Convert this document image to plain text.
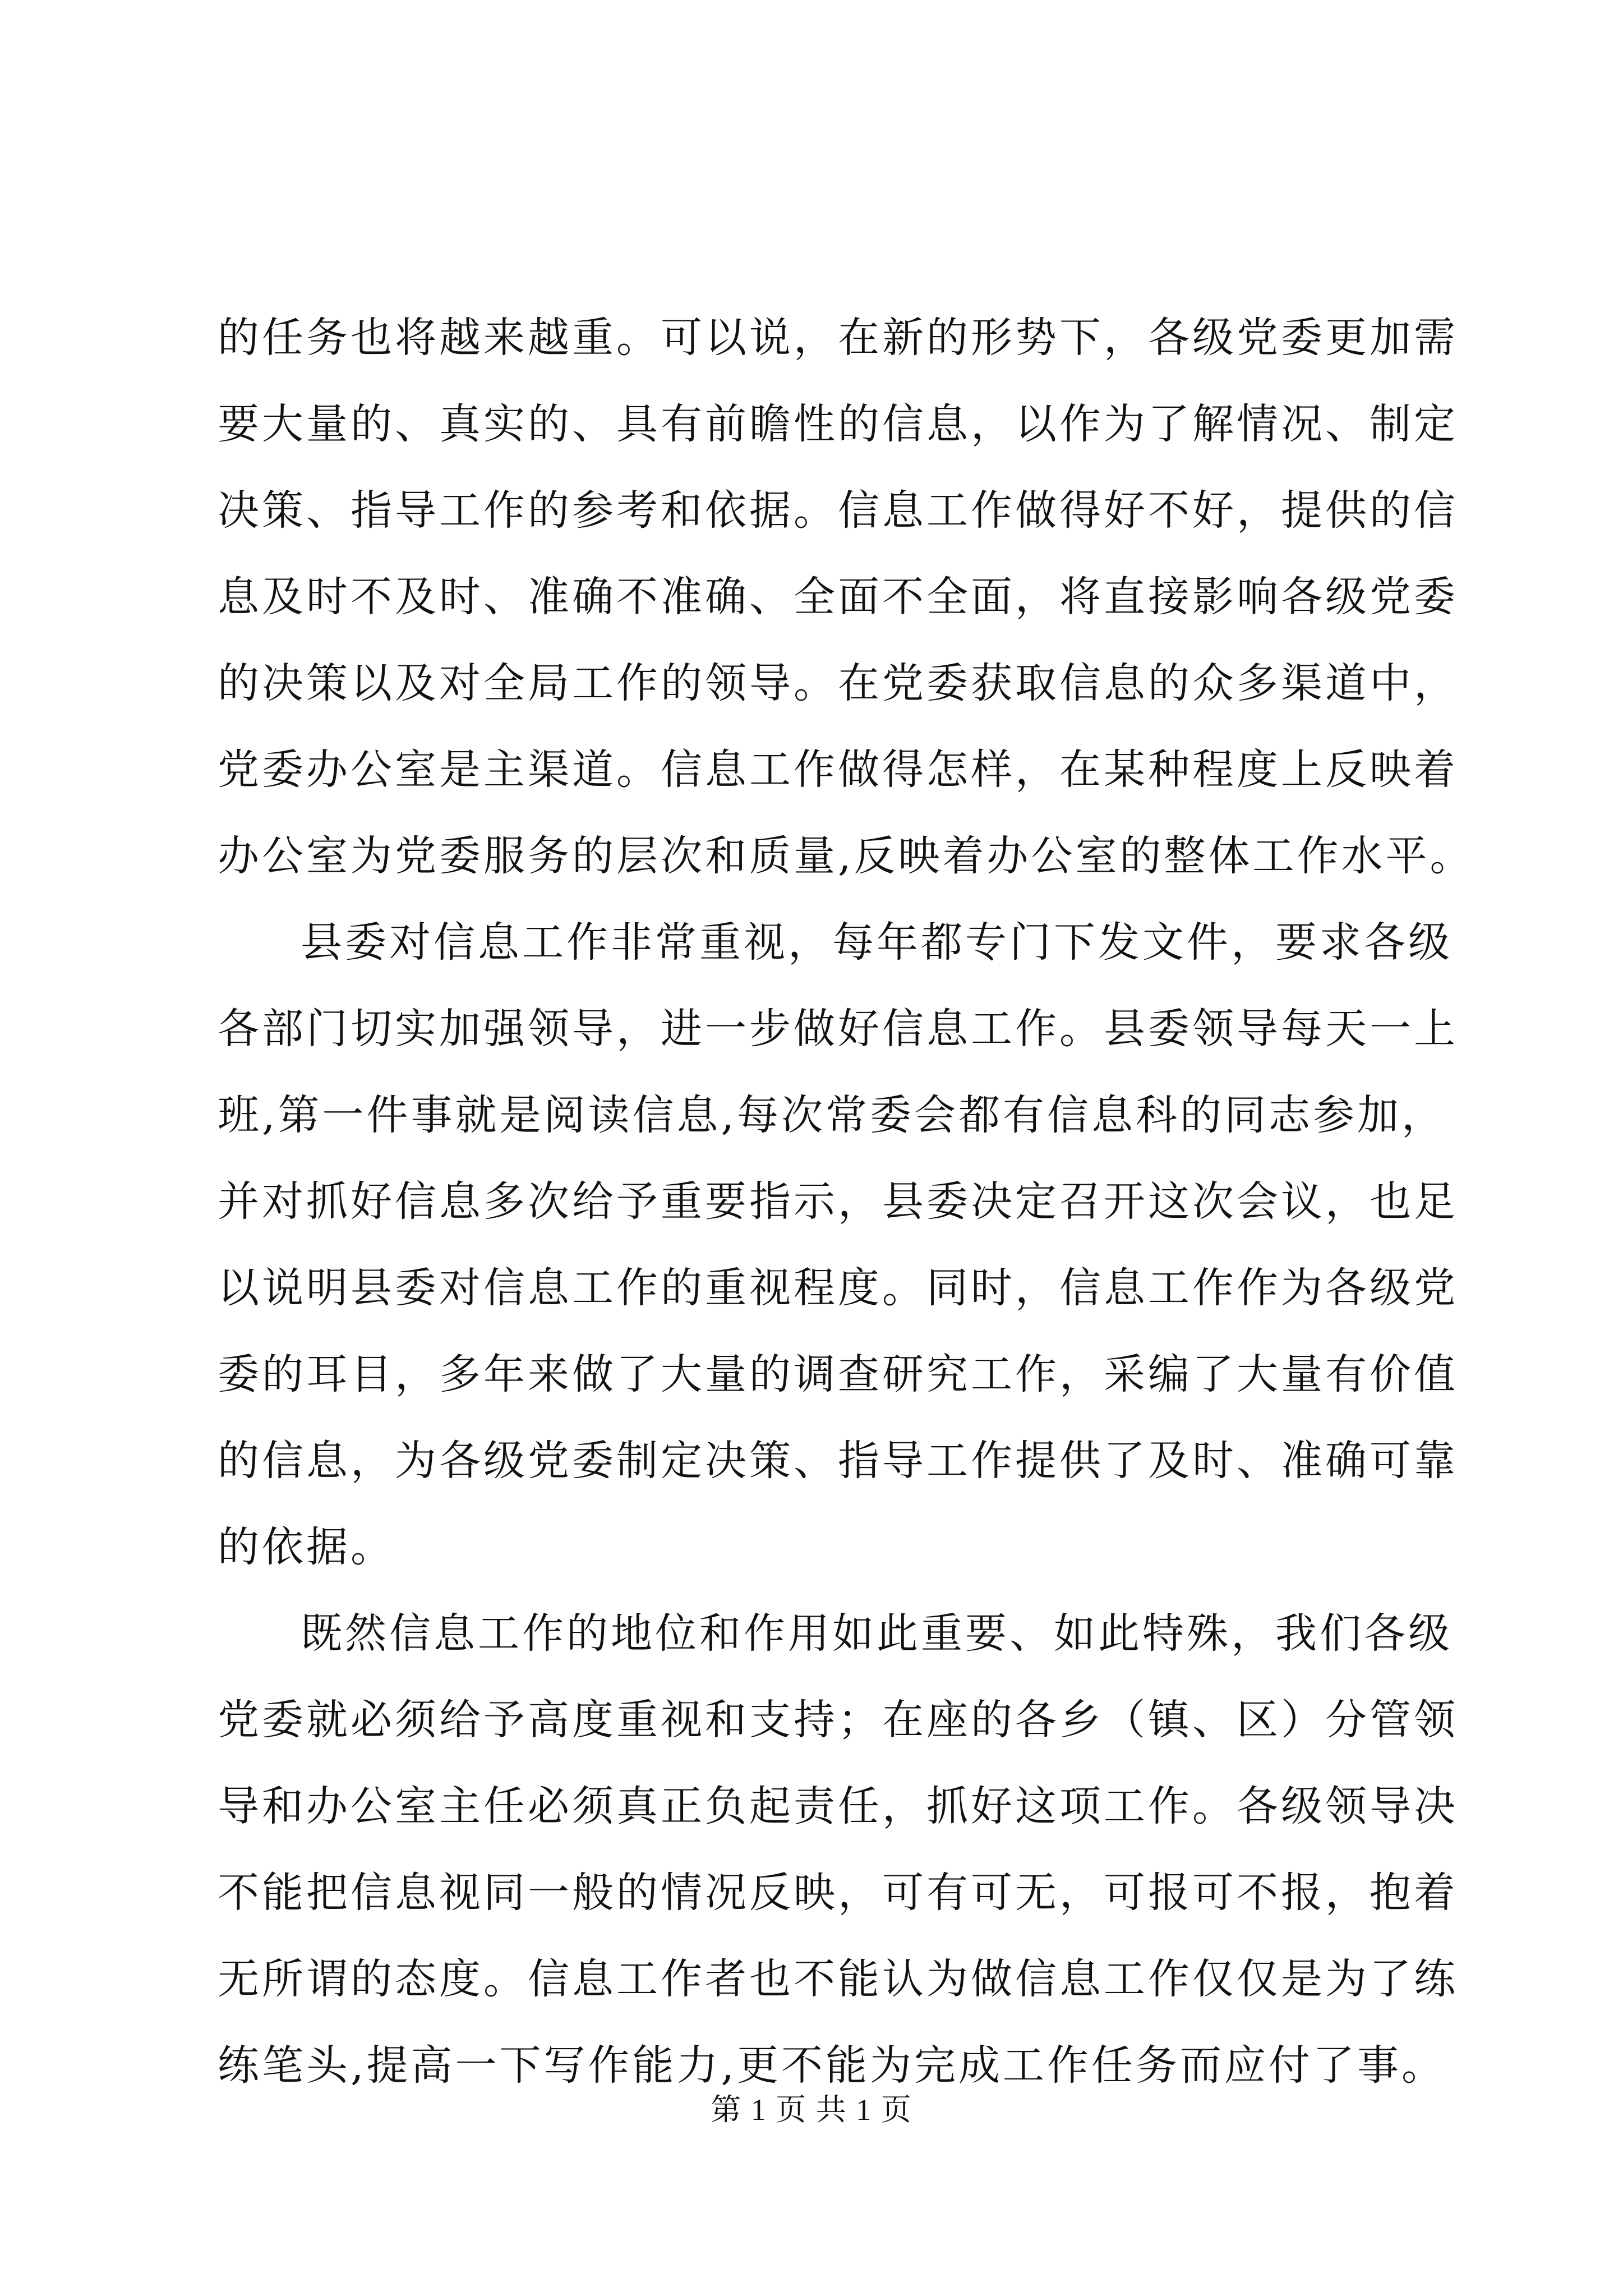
的任务也将越来越重。可以说，在新的形势下，各级党委更加需
要大量的、真实的、具有前瞻性的信息，以作为了解情况、制定
决策、指导工作的参考和依据。信息工作做得好不好，提供的信
息及时不及时、准确不准确、全面不全面，将直接影响各级党委
的决策以及对全局工作的领导。在党委获取信息的众多渠道中，
党委办公室是主渠道。信息工作做得怎样，在某种程度上反映着
办公室为党委服务的层次和质量,反映着办公室的整体工作水平。
县委对信息工作非常重视，每年都专门下发文件，要求各级
各部门切实加强领导，进一步做好信息工作。县委领导每天一上
班,第一件事就是阅读信息,每次常委会都有信息科的同志参加，
并对抓好信息多次给予重要指示，县委决定召开这次会议，也足
以说明县委对信息工作的重视程度。同时，信息工作作为各级党
委的耳目，多年来做了大量的调查研究工作，采编了大量有价值
的信息，为各级党委制定决策、指导工作提供了及时、准确可靠
的依据。
既然信息工作的地位和作用如此重要、如此特殊，我们各级
党委就必须给予高度重视和支持；在座的各乡（镇、区）分管领
导和办公室主任必须真正负起责任，抓好这项工作。各级领导决
不能把信息视同一般的情况反映，可有可无，可报可不报，抱着
无所谓的态度。信息工作者也不能认为做信息工作仅仅是为了练
练笔头,提高一下写作能力,更不能为完成工作任务而应付了事。
第 1 页 共 1 页
